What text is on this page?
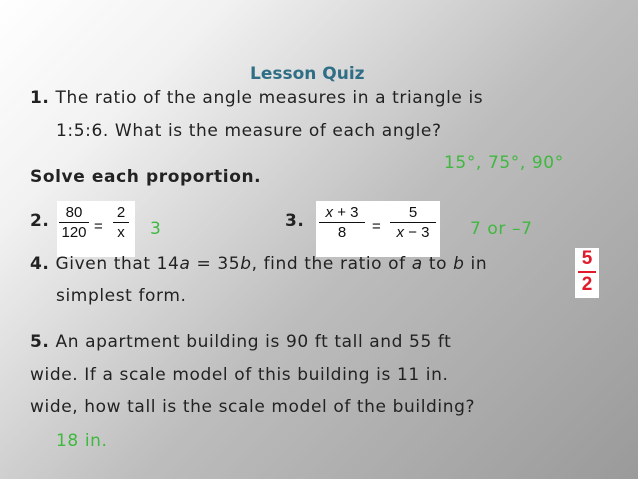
Lesson Quiz
1. The ratio of the angle measures in a triangle is
1:5:6. What is the measure of each angle?
15°, 75°, 90°
Solve each proportion.
2.	80
120 =
2
x 3	3.	x + 3
8	=
5
x − 3	7 or –7
4. Given that 14a = 35b, find the ratio of a to b in
simplest form.
5
2
5. An apartment building is 90 ft tall and 55 ft
wide. If a scale model of this building is 11 in.
wide, how tall is the scale model of the building?
18 in.
